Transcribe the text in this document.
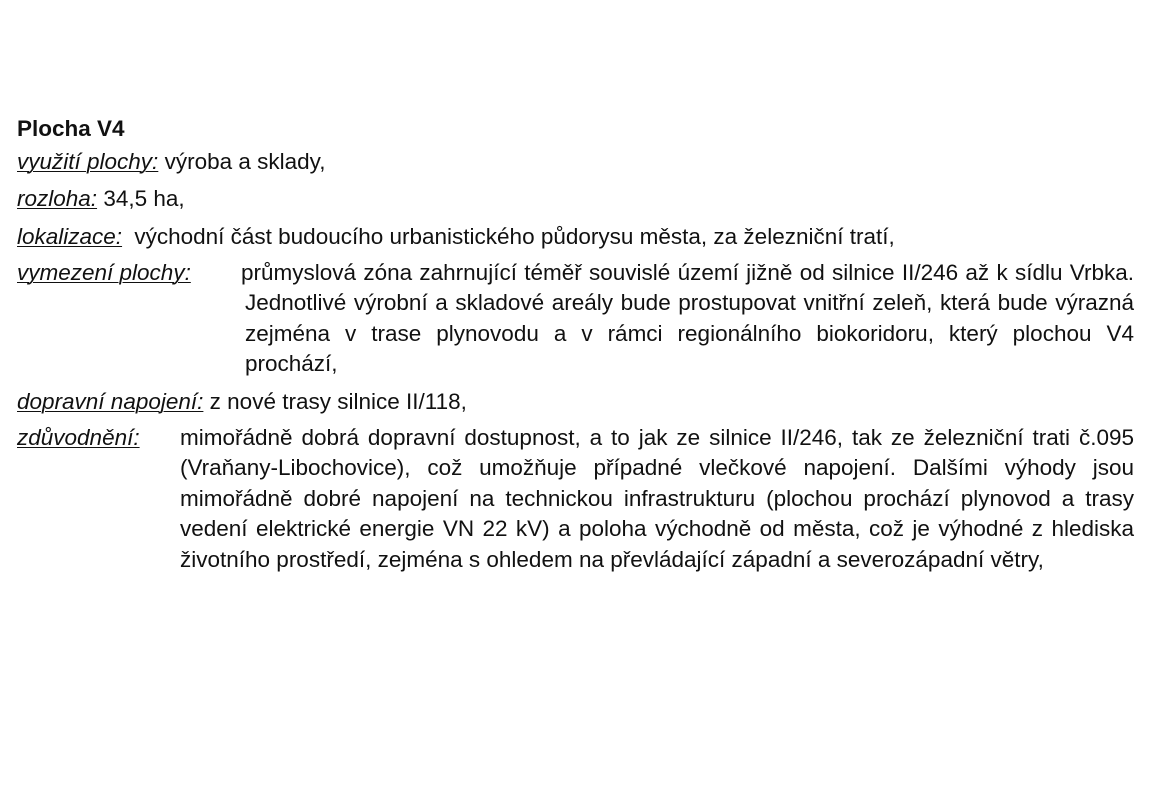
Plocha V4
využití plochy: výroba a sklady,
rozloha: 34,5 ha,
lokalizace: východní část budoucího urbanistického půdorysu města, za železniční tratí,
vymezení plochy: průmyslová zóna zahrnující téměř souvislé území jižně od silnice II/246 až k sídlu Vrbka. Jednotlivé výrobní a skladové areály bude prostupovat vnitřní zeleň, která bude výrazná zejména v trase plynovodu a v rámci regionálního biokoridoru, který plochou V4 prochází,
dopravní napojení: z nové trasy silnice II/118,
zdůvodnění: mimořádně dobrá dopravní dostupnost, a to jak ze silnice II/246, tak ze železniční trati č.095 (Vraňany-Libochovice), což umožňuje případné vlečkové napojení. Dalšími výhody jsou mimořádně dobré napojení na technickou infrastrukturu (plochou prochází plynovod a trasy vedení elektrické energie VN 22 kV) a poloha východně od města, což je výhodné z hlediska životního prostředí, zejména s ohledem na převládající západní a severozápadní větry,
